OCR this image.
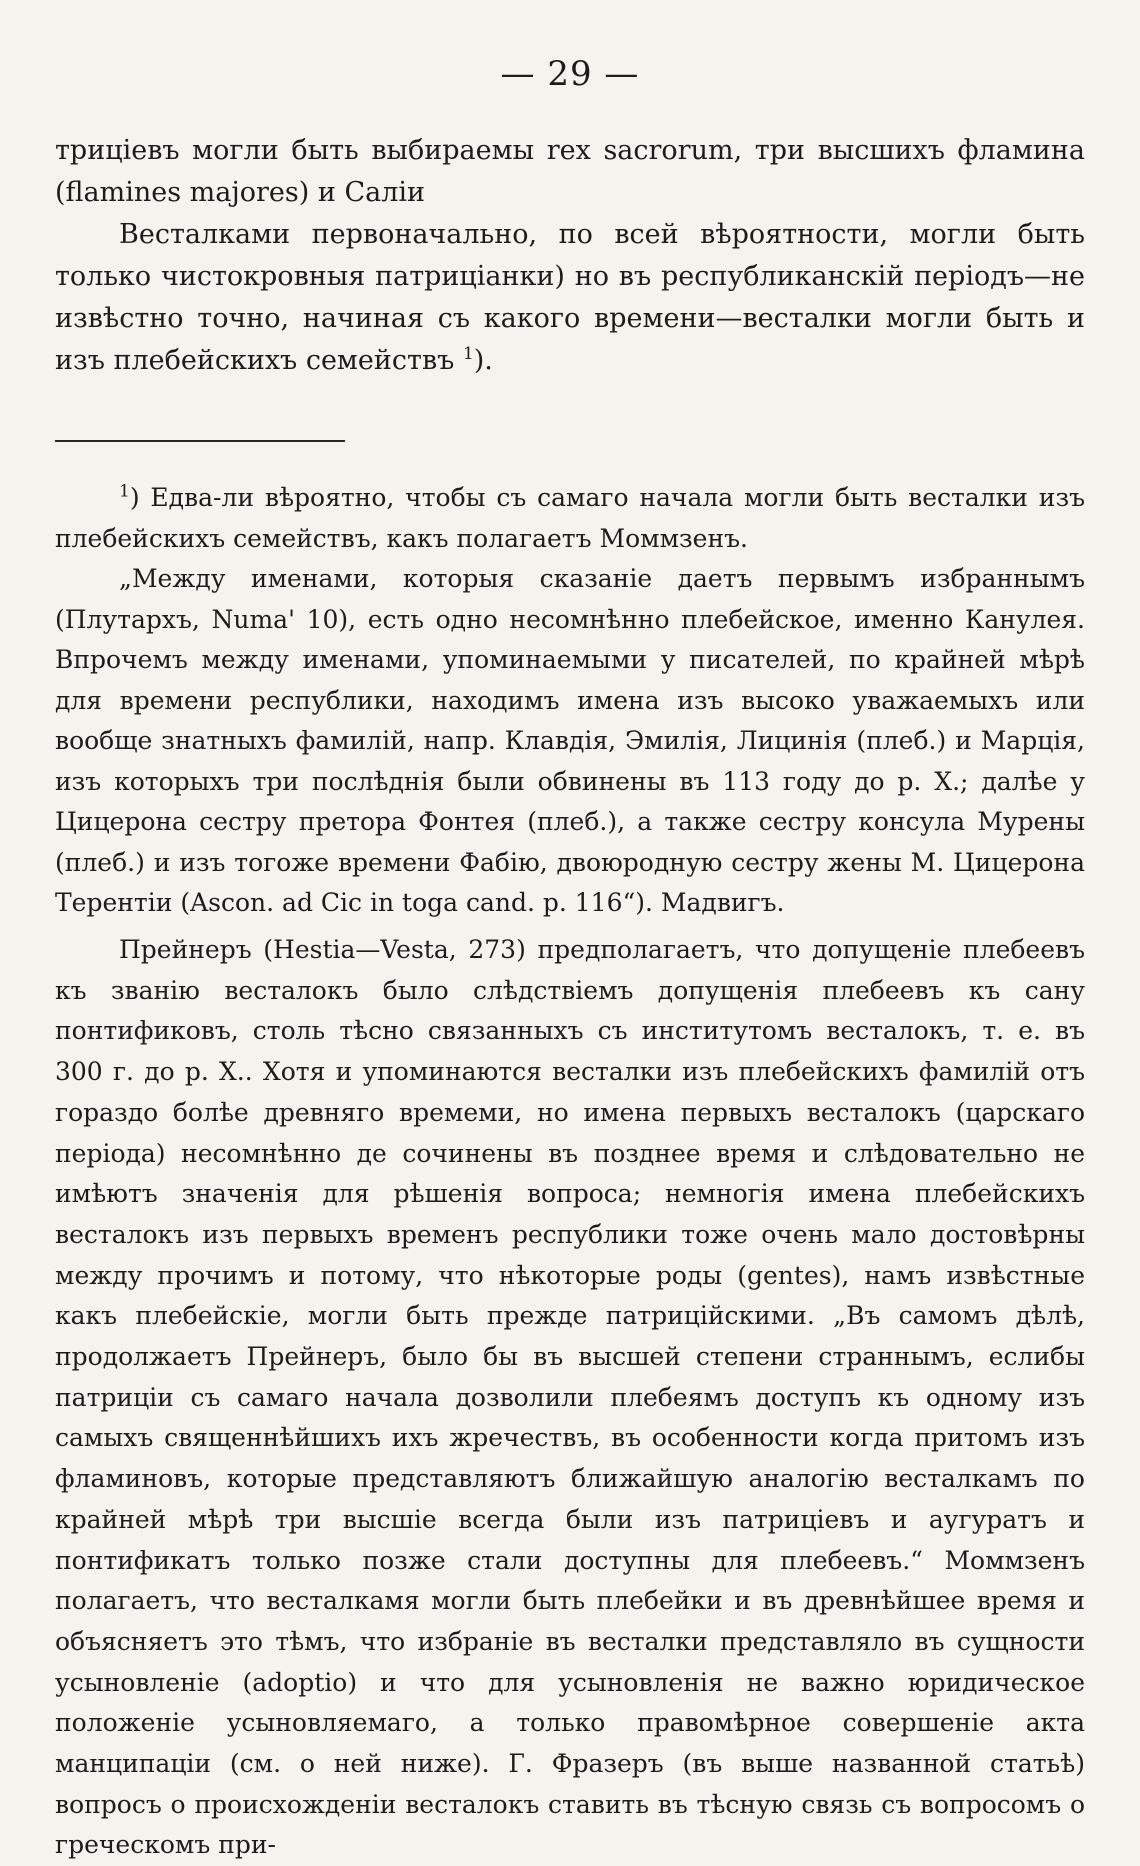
— 29 —

триціевъ могли быть выбираемы rex sacrorum, три высшихъ фламина (flamines majores) и Саліи

Весталками первоначально, по всей вѣроятности, могли быть только чистокровныя патриціанки) но въ республиканскій періодъ—не извѣстно точно, начиная съ какого времени—весталки могли быть и изъ плебейскихъ семействъ $^1$).

$^1$) Едва-ли вѣроятно, чтобы съ самаго начала могли быть весталки изъ плебейскихъ семействъ, какъ полагаетъ Моммзенъ.

„Между именами, которыя сказаніе даетъ первымъ избраннымъ (Плутархъ, Numa' 10), есть одно несомнѣнно плебейское, именно Канулея. Впрочемъ между именами, упоминаемыми у писателей, по крайней мѣрѣ для времени республики, находимъ имена изъ высоко уважаемыхъ или вообще знатныхъ фамилій, напр. Клавдія, Эмилія, Лицинія (плеб.) и Марція, изъ которыхъ три послѣднія были обвинены въ 113 году до р. Х.; далѣе у Цицерона сестру претора Фонтея (плеб.), а также сестру консула Мурены (плеб.) и изъ тогоже времени Фабію, двоюродную сестру жены М. Цицерона Терентіи (Ascon. ad Cic in toga cand. p. 116“). Мадвигъ.

Прейнеръ (Hestia—Vesta, 273) предполагаетъ, что допущеніе плебеевъ къ званію весталокъ было слѣдствіемъ допущенія плебеевъ къ сану понтификовъ, столь тѣсно связанныхъ съ институтомъ весталокъ, т. е. въ 300 г. до р. Х.. Хотя и упоминаются весталки изъ плебейскихъ фамилій отъ гораздо болѣе древняго времеми, но имена первыхъ весталокъ (царскаго періода) несомнѣнно де сочинены въ позднее время и слѣдовательно не имѣютъ значенія для рѣшенія вопроса; немногія имена плебейскихъ весталокъ изъ первыхъ временъ республики тоже очень мало достовѣрны между прочимъ и потому, что нѣкоторые роды (gentes), намъ извѣстные какъ плебейскіе, могли быть прежде патриційскими. „Въ самомъ дѣлѣ, продолжаетъ Прейнеръ, было бы въ высшей степени страннымъ, еслибы патриціи съ самаго начала дозволили плебеямъ доступъ къ одному изъ самыхъ священнѣйшихъ ихъ жречествъ, въ особенности когда притомъ изъ фламиновъ, которые представляютъ ближайшую аналогію весталкамъ по крайней мѣрѣ три высшіе всегда были изъ патриціевъ и аугуратъ и понтификатъ только позже стали доступны для плебеевъ.“ Моммзенъ полагаетъ, что весталкамя могли быть плебейки и въ древнѣйшее время и объясняетъ это тѣмъ, что избраніе въ весталки представляло въ сущности усыновленіе (adoptio) и что для усыновленія не важно юридическое положеніе усыновляемаго, а только правомѣрное совершеніе акта манципаціи (см. о ней ниже). Г. Фразеръ (въ выше названной статьѣ) вопросъ о происхожденіи весталокъ ставить въ тѣсную связь съ вопросомъ о греческомъ при-
